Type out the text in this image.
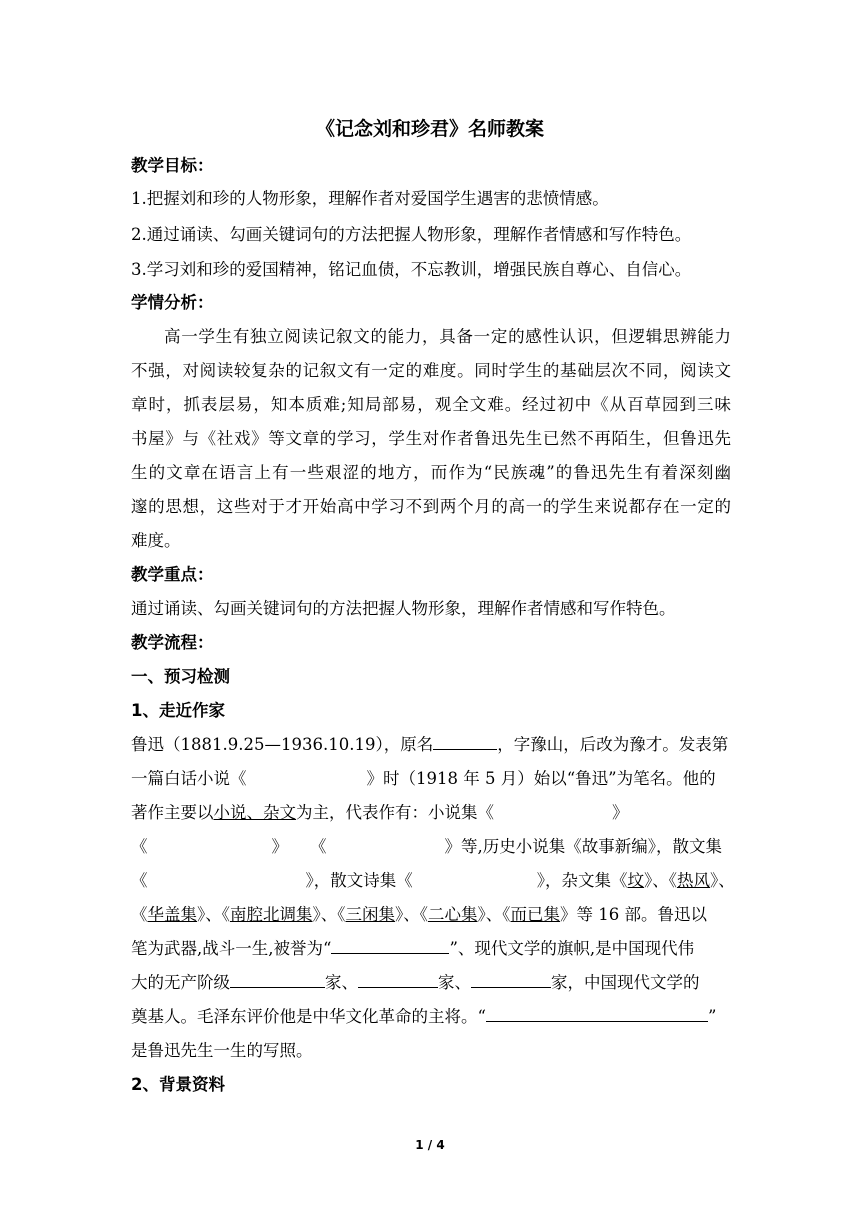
《记念刘和珍君》名师教案
教学目标：
1.把握刘和珍的人物形象，理解作者对爱国学生遇害的悲愤情感。
2.通过诵读、勾画关键词句的方法把握人物形象，理解作者情感和写作特色。
3.学习刘和珍的爱国精神，铭记血债，不忘教训，增强民族自尊心、自信心。
学情分析：
高一学生有独立阅读记叙文的能力，具备一定的感性认识，但逻辑思辨能力
不强，对阅读较复杂的记叙文有一定的难度。同时学生的基础层次不同，阅读文
章时，抓表层易，知本质难;知局部易，观全文难。经过初中《从百草园到三味
书屋》与《社戏》等文章的学习，学生对作者鲁迅先生已然不再陌生，但鲁迅先
生的文章在语言上有一些艰涩的地方，而作为“民族魂”的鲁迅先生有着深刻幽
邃的思想，这些对于才开始高中学习不到两个月的高一的学生来说都存在一定的
难度。
教学重点：
通过诵读、勾画关键词句的方法把握人物形象，理解作者情感和写作特色。
教学流程：
一、预习检测
1、走近作家
鲁迅（1881.9.25—1936.10.19），原名	，字豫山，后改为豫才。发表第
一篇白话小说《	》时（1918 年 5 月）始以“鲁迅”为笔名。他的
著作主要以小说、杂文为主，代表作有：小说集《	》
《	》 《	》等,历史小说集《故事新编》，散文集
《	》，散文诗集《	》，杂文集《坟》、《热风》、
《华盖集》、《南腔北调集》、《三闲集》、《二心集》、《而已集》等 16 部。鲁迅以
笔为武器,战斗一生,被誉为“	”、现代文学的旗帜,是中国现代伟
大的无产阶级	家、	家、	家，中国现代文学的
奠基人。毛泽东评价他是中华文化革命的主将。“	”
是鲁迅先生一生的写照。
2、背景资料
1 / 4
